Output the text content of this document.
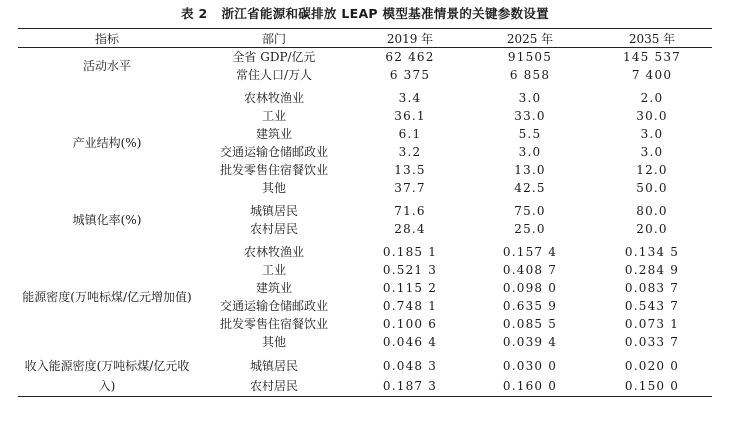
表 2 浙江省能源和碳排放 LEAP 模型基准情景的关键参数设置
指标	部门	2019 年	2025 年	2035 年
活动水平	全省 GDP/亿元	62 462	91505	145 537
	常住人口/万人	6 375	6 858	7 400

产业结构(%)	农林牧渔业	3.4	3.0	2.0
	工业	36.1	33.0	30.0
	建筑业	6.1	5.5	3.0
	交通运输仓储邮政业	3.2	3.0	3.0
	批发零售住宿餐饮业	13.5	13.0	12.0
	其他	37.7	42.5	50.0

城镇化率(%)	城镇居民	71.6	75.0	80.0
	农村居民	28.4	25.0	20.0

能源密度(万吨标煤/亿元增加值)	农林牧渔业	0.185 1	0.157 4	0.134 5
	工业	0.521 3	0.408 7	0.284 9
	建筑业	0.115 2	0.098 0	0.083 7
	交通运输仓储邮政业	0.748 1	0.635 9	0.543 7
	批发零售住宿餐饮业	0.100 6	0.085 5	0.073 1
	其他	0.046 4	0.039 4	0.033 7

收入能源密度(万吨标煤/亿元收入)	城镇居民	0.048 3	0.030 0	0.020 0
	农村居民	0.187 3	0.160 0	0.150 0
